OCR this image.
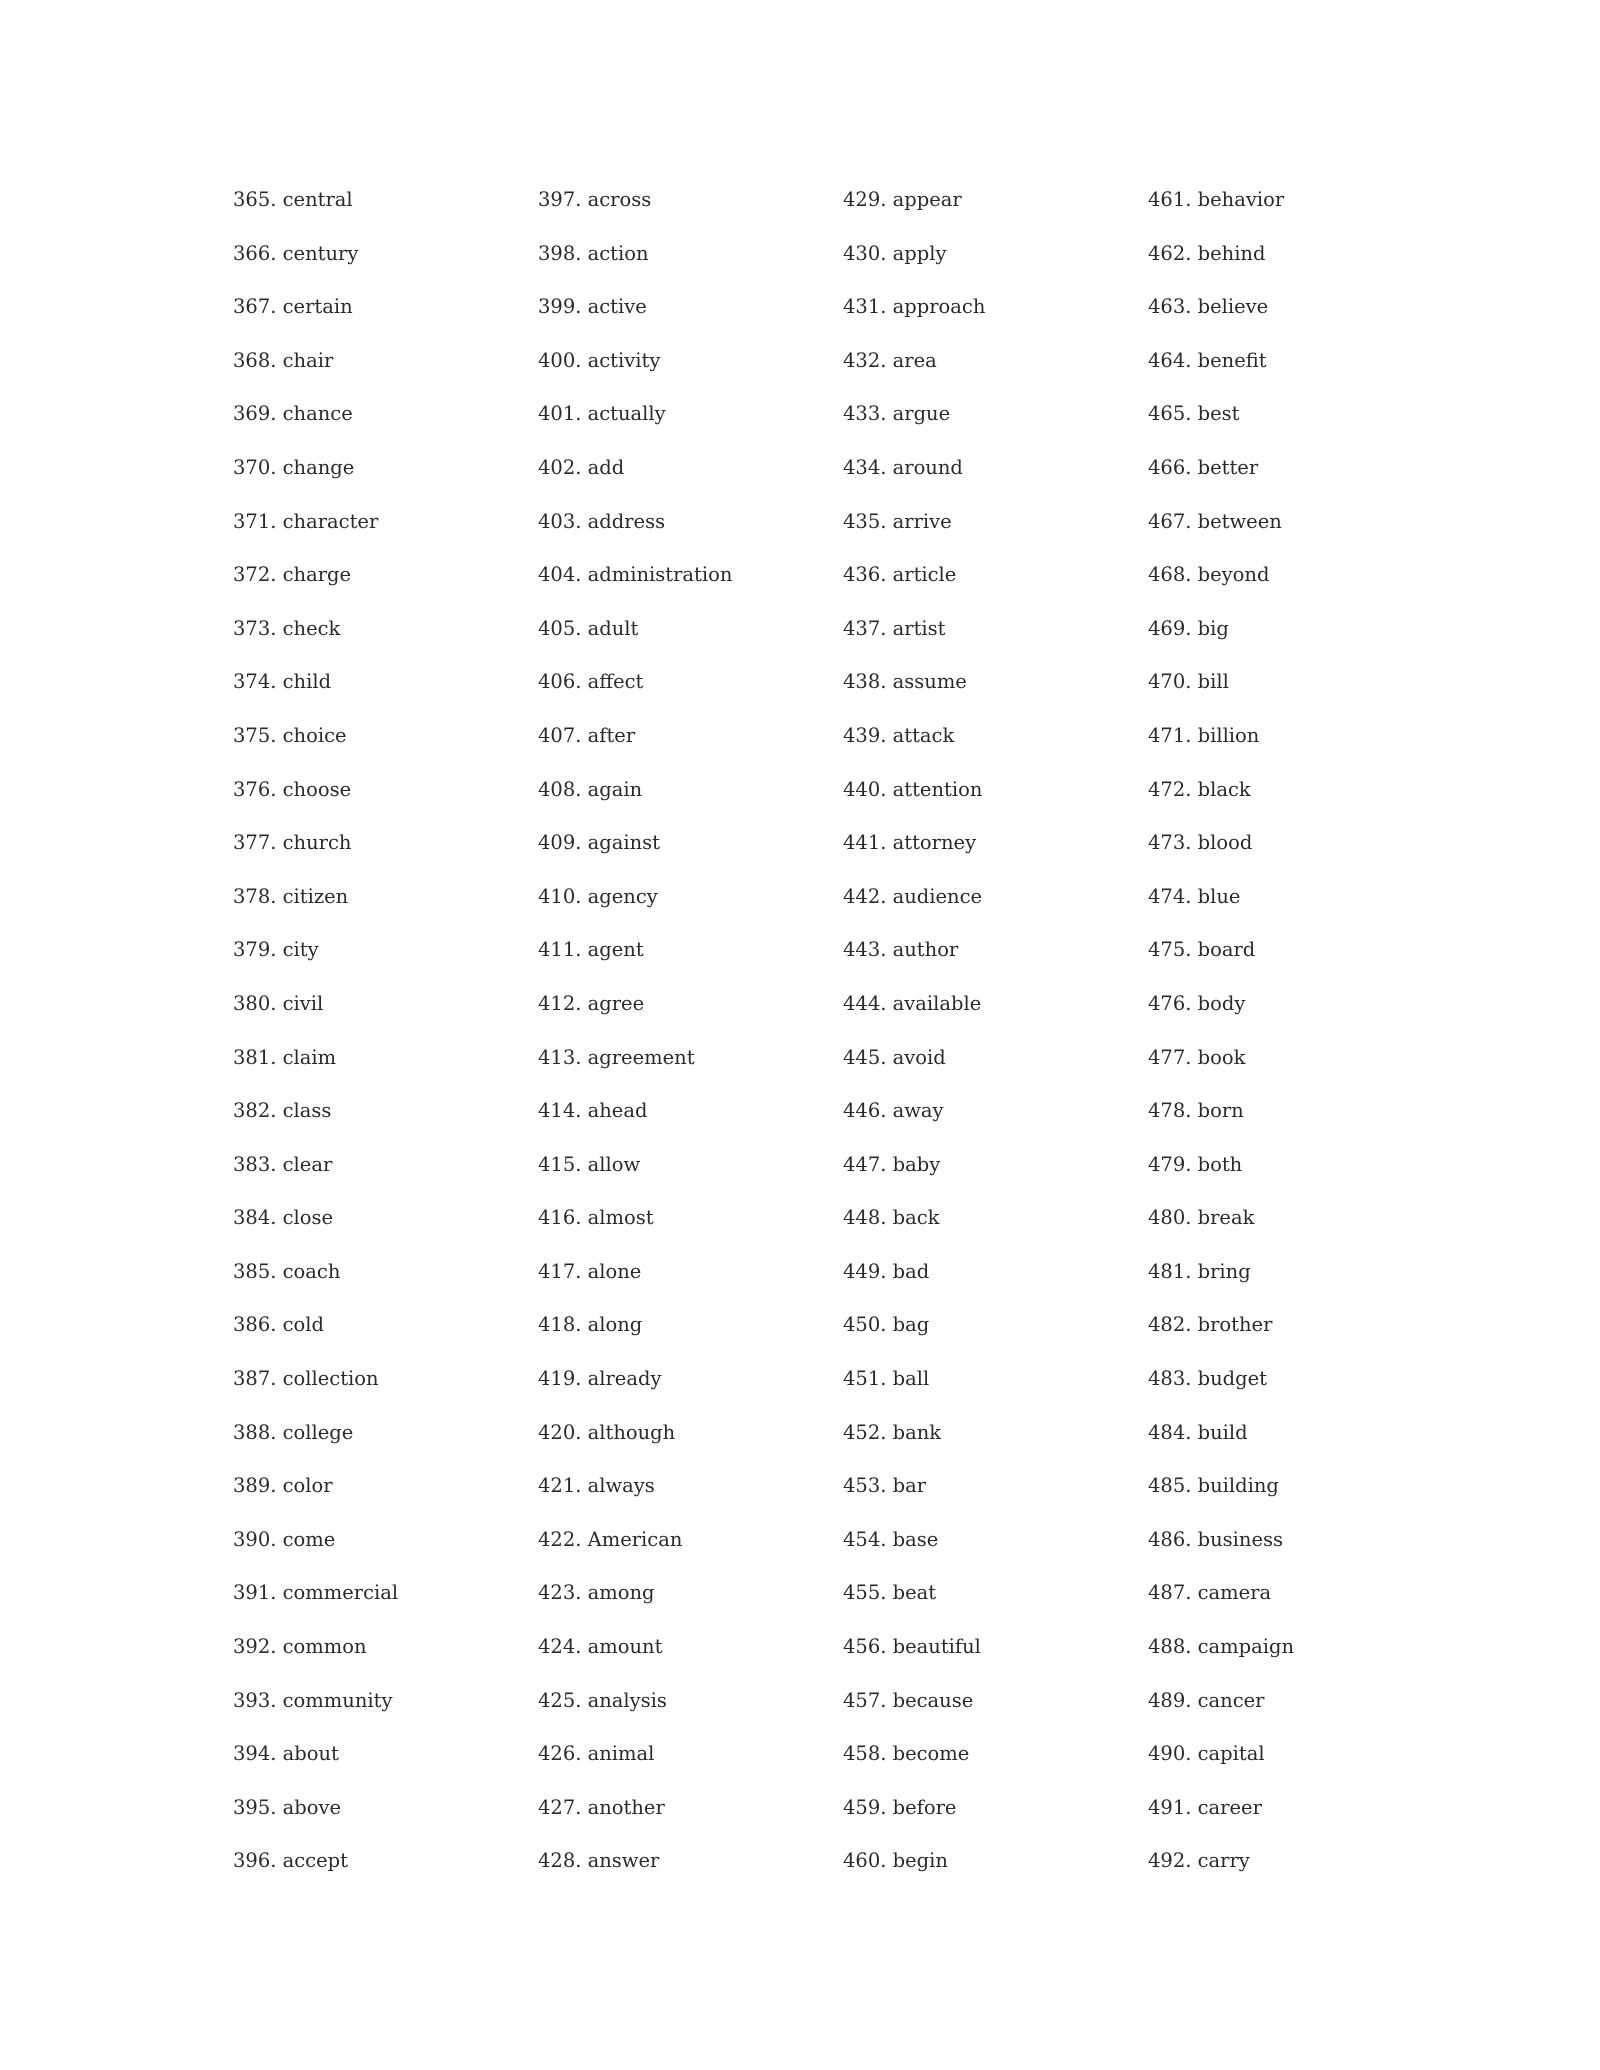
365. central
366. century
367. certain
368. chair
369. chance
370. change
371. character
372. charge
373. check
374. child
375. choice
376. choose
377. church
378. citizen
379. city
380. civil
381. claim
382. class
383. clear
384. close
385. coach
386. cold
387. collection
388. college
389. color
390. come
391. commercial
392. common
393. community
394. about
395. above
396. accept
397. across
398. action
399. active
400. activity
401. actually
402. add
403. address
404. administration
405. adult
406. affect
407. after
408. again
409. against
410. agency
411. agent
412. agree
413. agreement
414. ahead
415. allow
416. almost
417. alone
418. along
419. already
420. although
421. always
422. American
423. among
424. amount
425. analysis
426. animal
427. another
428. answer
429. appear
430. apply
431. approach
432. area
433. argue
434. around
435. arrive
436. article
437. artist
438. assume
439. attack
440. attention
441. attorney
442. audience
443. author
444. available
445. avoid
446. away
447. baby
448. back
449. bad
450. bag
451. ball
452. bank
453. bar
454. base
455. beat
456. beautiful
457. because
458. become
459. before
460. begin
461. behavior
462. behind
463. believe
464. benefit
465. best
466. better
467. between
468. beyond
469. big
470. bill
471. billion
472. black
473. blood
474. blue
475. board
476. body
477. book
478. born
479. both
480. break
481. bring
482. brother
483. budget
484. build
485. building
486. business
487. camera
488. campaign
489. cancer
490. capital
491. career
492. carry
